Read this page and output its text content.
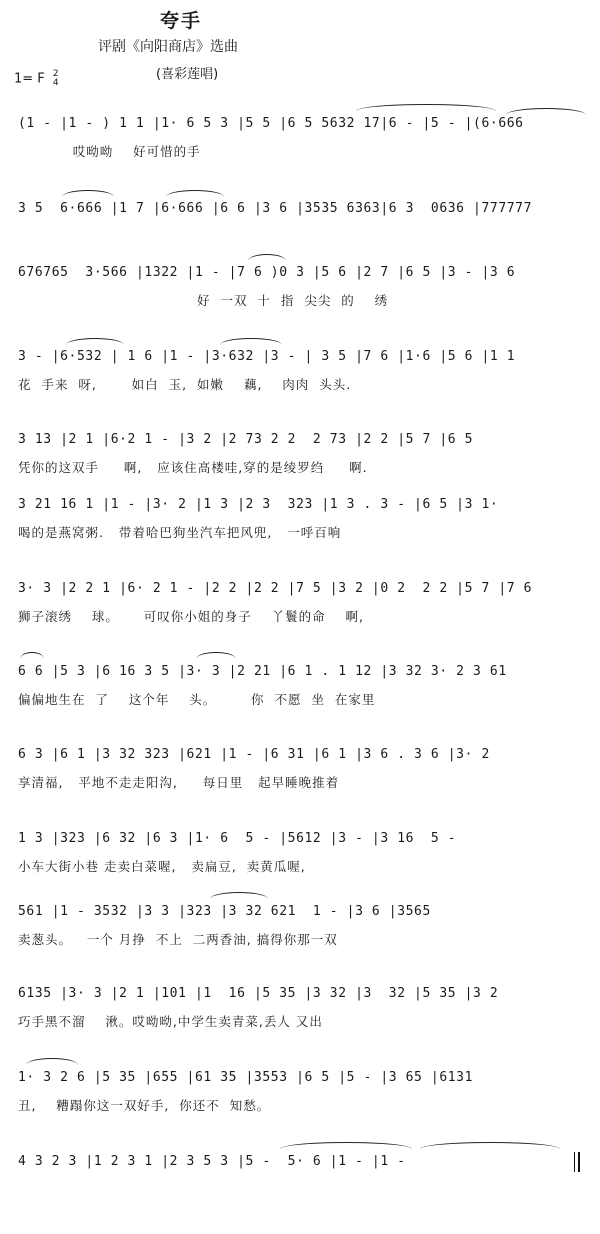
夸手
评剧《向阳商店》选曲
(喜彩莲唱)
1= F 2
4
(1 - |1 - ) 1 1 |1· 6 5 3 |5 5 |6 5 5632 17|6 - |5 - |(6·666
哎呦呦    好可惜的手
3 5  6·666 |1 7 |6·666 |6 6 |3 6 |3535 6363|6 3  0636 |777777
676765  3·566 |1322 |1 - |7 6 )0 3 |5 6 |2 7 |6 5 |3 - |3 6
好  一双  十  指  尖尖  的    绣
3 - |6·532 | 1 6 |1 - |3·632 |3 - | 3 5 |7 6 |1·6 |5 6 |1 1
花  手来  呀,       如白  玉,  如嫩    藕,    肉肉  头头.
3 13 |2 1 |6·2 1 - |3 2 |2 73 2 2  2 73 |2 2 |5 7 |6 5
凭你的这双手     啊,   应该住高楼哇,穿的是绫罗绉     啊.
3 21 16 1 |1 - |3· 2 |1 3 |2 3  323 |1 3 . 3 - |6 5 |3 1·
喝的是燕窝粥.   带着哈巴狗坐汽车把风兜,   一呼百响
3· 3 |2 2 1 |6· 2 1 - |2 2 |2 2 |7 5 |3 2 |0 2  2 2 |5 7 |7 6
狮子滚绣    球。     可叹你小姐的身子    丫鬟的命    啊,
6 6 |5 3 |6 16 3 5 |3· 3 |2 21 |6 1 . 1 12 |3 32 3· 2 3 61
偏偏地生在  了    这个年    头。       你  不愿  坐  在家里
6 3 |6 1 |3 32 323 |621 |1 - |6 31 |6 1 |3 6 . 3 6 |3· 2
享清福,   平地不走走阳沟,     每日里   起早睡晚推着
1 3 |323 |6 32 |6 3 |1· 6  5 - |5612 |3 - |3 16  5 -
小车大街小巷 走卖白菜喔,   卖扁豆,  卖黄瓜喔,
561 |1 - 3532 |3 3 |323 |3 32 621  1 - |3 6 |3565
卖葱头。   一个 月挣  不上  二两香油, 搞得你那一双
6135 |3· 3 |2 1 |101 |1  16 |5 35 |3 32 |3  32 |5 35 |3 2
巧手黑不溜    湫。哎呦呦,中学生卖青菜,丢人 又出
1· 3 2 6 |5 35 |655 |61 35 |3553 |6 5 |5 - |3 65 |6131
丑,    糟蹋你这一双好手,  你还不  知愁。
4 3 2 3 |1 2 3 1 |2 3 5 3 |5 -  5· 6 |1 - |1 -
